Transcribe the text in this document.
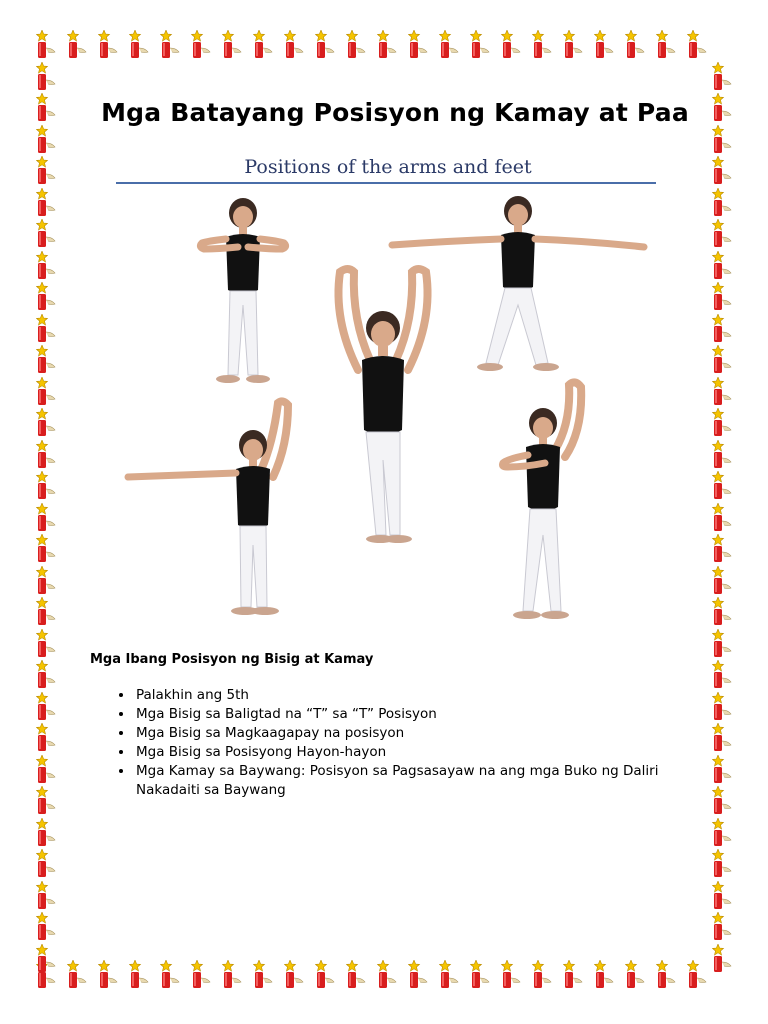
Mga Batayang Posisyon ng Kamay at Paa
Positions of the arms and feet
Mga Ibang Posisyon ng Bisig at Kamay
• Palakhin ang 5th
• Mga Bisig sa Baligtad na “T” sa “T” Posisyon
• Mga Bisig sa Magkaagapay na posisyon
• Mga Bisig sa Posisyong Hayon-hayon
• Mga Kamay sa Baywang: Posisyon sa Pagsasayaw na ang mga Buko ng Daliri Nakadaiti sa Baywang
